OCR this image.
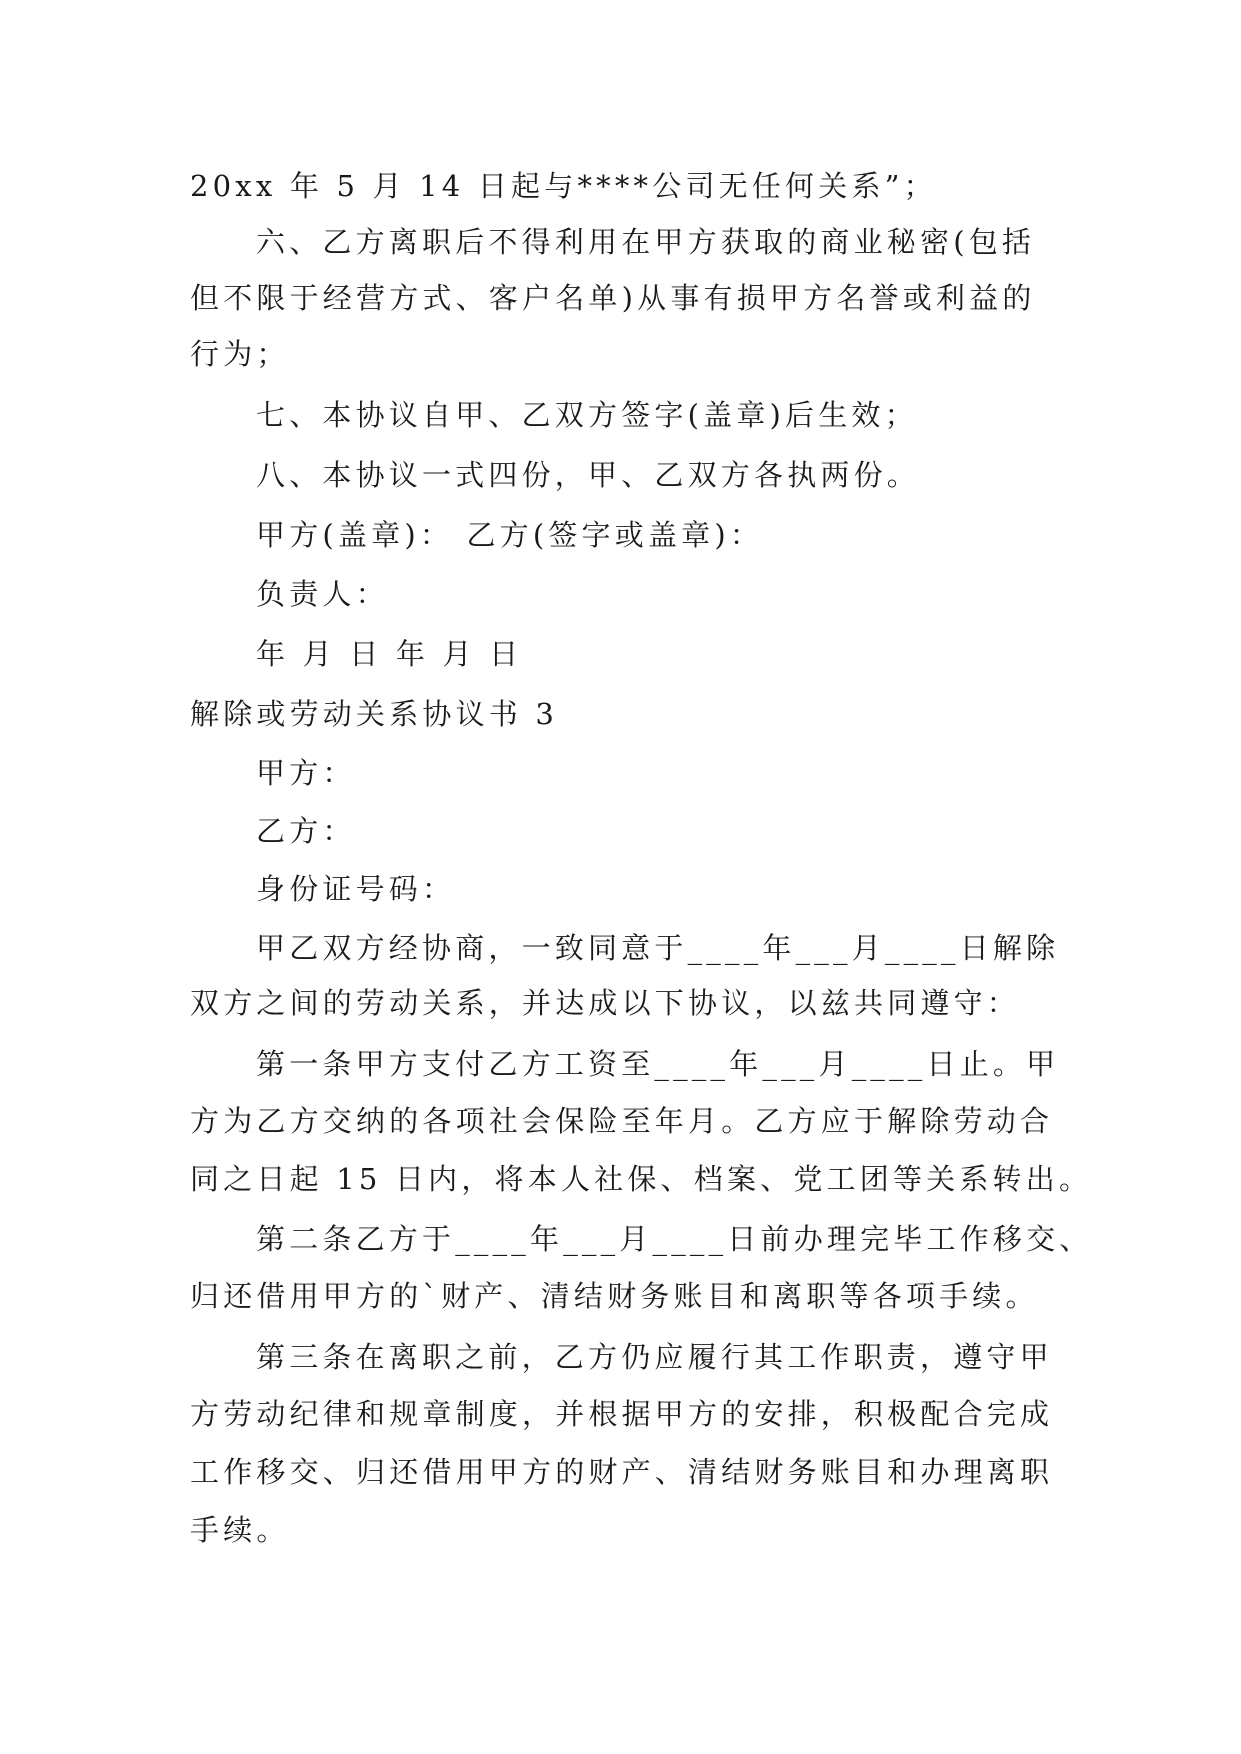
20xx 年 5 月 14 日起与****公司无任何关系”；
六、乙方离职后不得利用在甲方获取的商业秘密(包括
但不限于经营方式、客户名单)从事有损甲方名誉或利益的
行为；
七、本协议自甲、乙双方签字(盖章)后生效；
八、本协议一式四份，甲、乙双方各执两份。
甲方(盖章)： 乙方(签字或盖章)：
负责人：
年 月 日 年 月 日
解除或劳动关系协议书 3
甲方：
乙方：
身份证号码：
甲乙双方经协商，一致同意于____年___月____日解除
双方之间的劳动关系，并达成以下协议，以兹共同遵守：
第一条甲方支付乙方工资至____年___月____日止。甲
方为乙方交纳的各项社会保险至年月。乙方应于解除劳动合
同之日起 15 日内，将本人社保、档案、党工团等关系转出。
第二条乙方于____年___月____日前办理完毕工作移交、
归还借用甲方的`财产、清结财务账目和离职等各项手续。
第三条在离职之前，乙方仍应履行其工作职责，遵守甲
方劳动纪律和规章制度，并根据甲方的安排，积极配合完成
工作移交、归还借用甲方的财产、清结财务账目和办理离职
手续。
